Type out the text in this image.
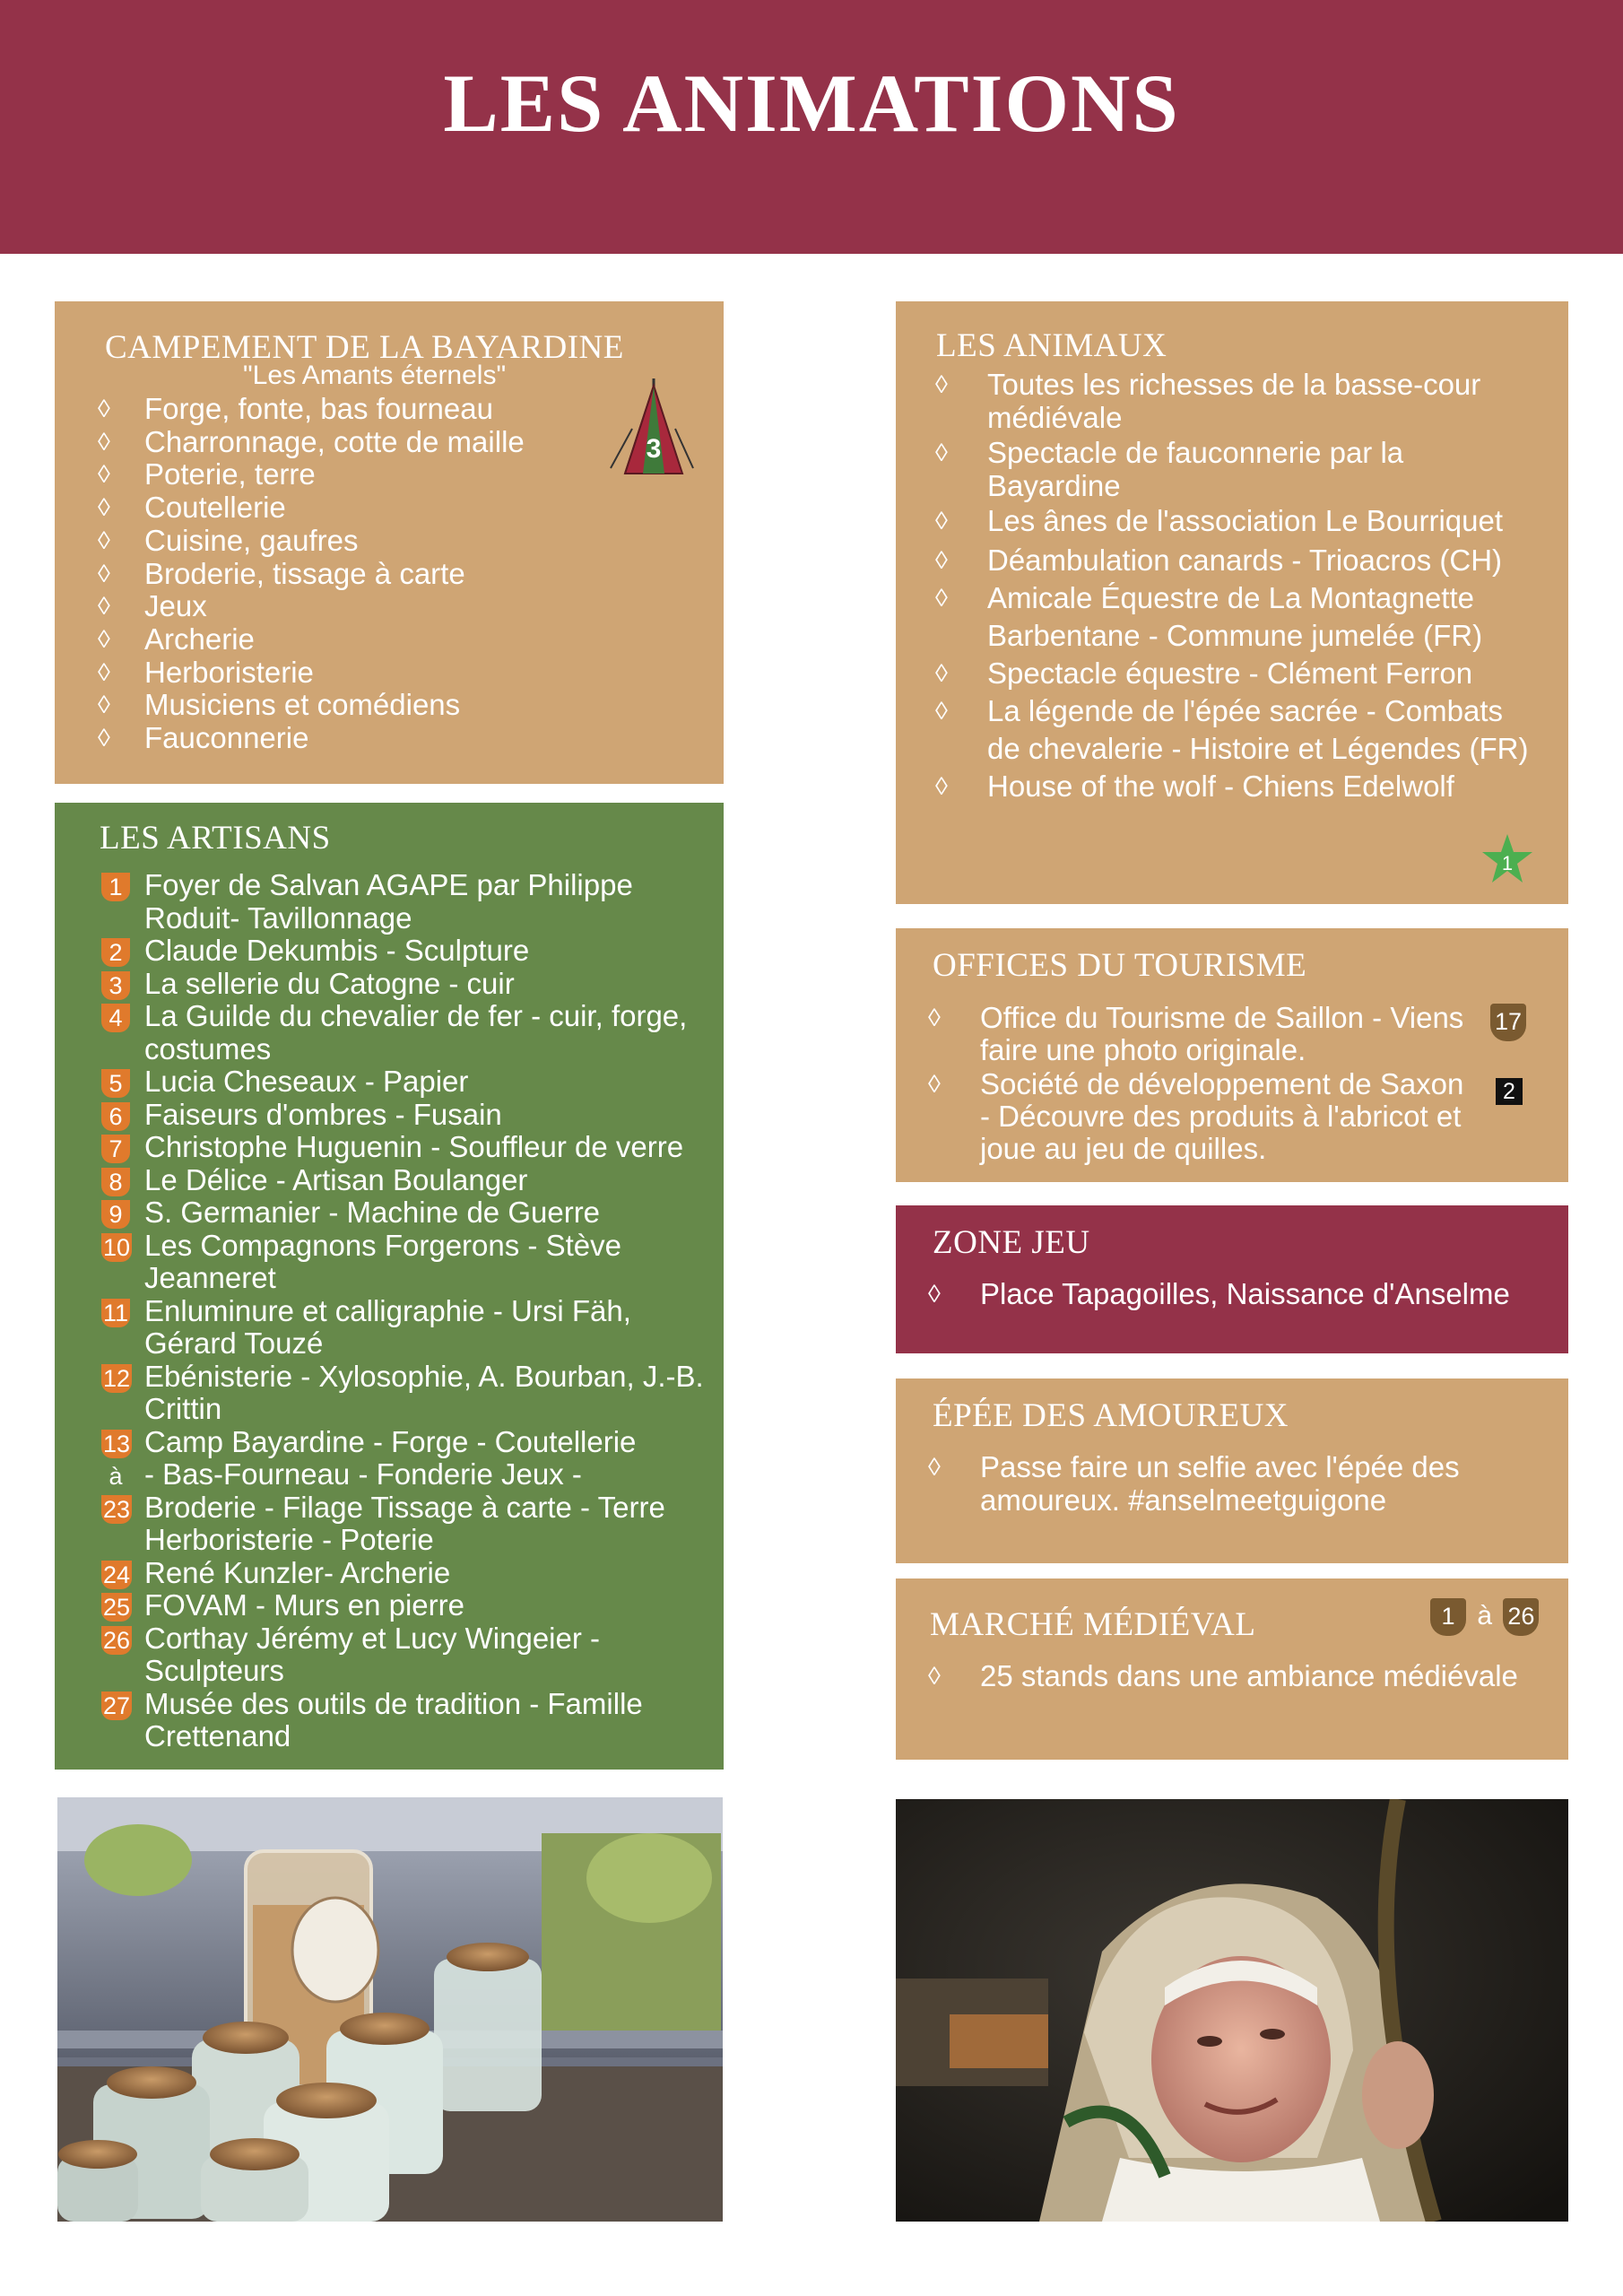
LES ANIMATIONS
CAMPEMENT DE LA BAYARDINE
"Les Amants éternels"
◊ Forge, fonte, bas fourneau
◊ Charronnage, cotte de maille
◊ Poterie, terre
◊ Coutellerie
◊ Cuisine, gaufres
◊ Broderie, tissage à carte
◊ Jeux
◊ Archerie
◊ Herboristerie
◊ Musiciens et comédiens
◊ Fauconnerie
3
LES ARTISANS
1 Foyer de Salvan AGAPE par Philippe Roduit- Tavillonnage
2 Claude Dekumbis - Sculpture
3 La sellerie du Catogne - cuir
4 La Guilde du chevalier de fer - cuir, forge, costumes
5 Lucia Cheseaux - Papier
6 Faiseurs d'ombres - Fusain
7 Christophe Huguenin - Souffleur de verre
8 Le Délice - Artisan Boulanger
9 S. Germanier - Machine de Guerre
10 Les Compagnons Forgerons - Stève Jeanneret
11 Enluminure et calligraphie - Ursi Fäh, Gérard Touzé
12 Ebénisterie - Xylosophie, A. Bourban, J.-B. Crittin
13 Camp Bayardine - Forge - Coutellerie
à - Bas-Fourneau - Fonderie Jeux -
23 Broderie - Filage Tissage à carte - Terre Herboristerie - Poterie
24 René Kunzler- Archerie
25 FOVAM - Murs en pierre
26 Corthay Jérémy et Lucy Wingeier - Sculpteurs
27 Musée des outils de tradition - Famille Crettenand
LES ANIMAUX
◊ Toutes les richesses de la basse-cour médiévale
◊ Spectacle de fauconnerie par la Bayardine
◊ Les ânes de l'association Le Bourriquet
◊ Déambulation canards - Trioacros (CH)
◊ Amicale Équestre de La Montagnette Barbentane - Commune jumelée (FR)
◊ Spectacle équestre - Clément Ferron
◊ La légende de l'épée sacrée - Combats de chevalerie - Histoire et Légendes (FR)
◊ House of the wolf - Chiens Edelwolf
1
OFFICES DU TOURISME
◊ Office du Tourisme de Saillon - Viens faire une photo originale.
◊ Société de développement de Saxon - Découvre des produits à l'abricot et joue au jeu de quilles.
17
2
ZONE JEU
◊ Place Tapagoilles, Naissance d'Anselme
ÉPÉE DES AMOUREUX
◊ Passe faire un selfie avec l'épée des amoureux. #anselmeetguigone
MARCHÉ MÉDIÉVAL
◊ 25 stands dans une ambiance médiévale
1 à 26
